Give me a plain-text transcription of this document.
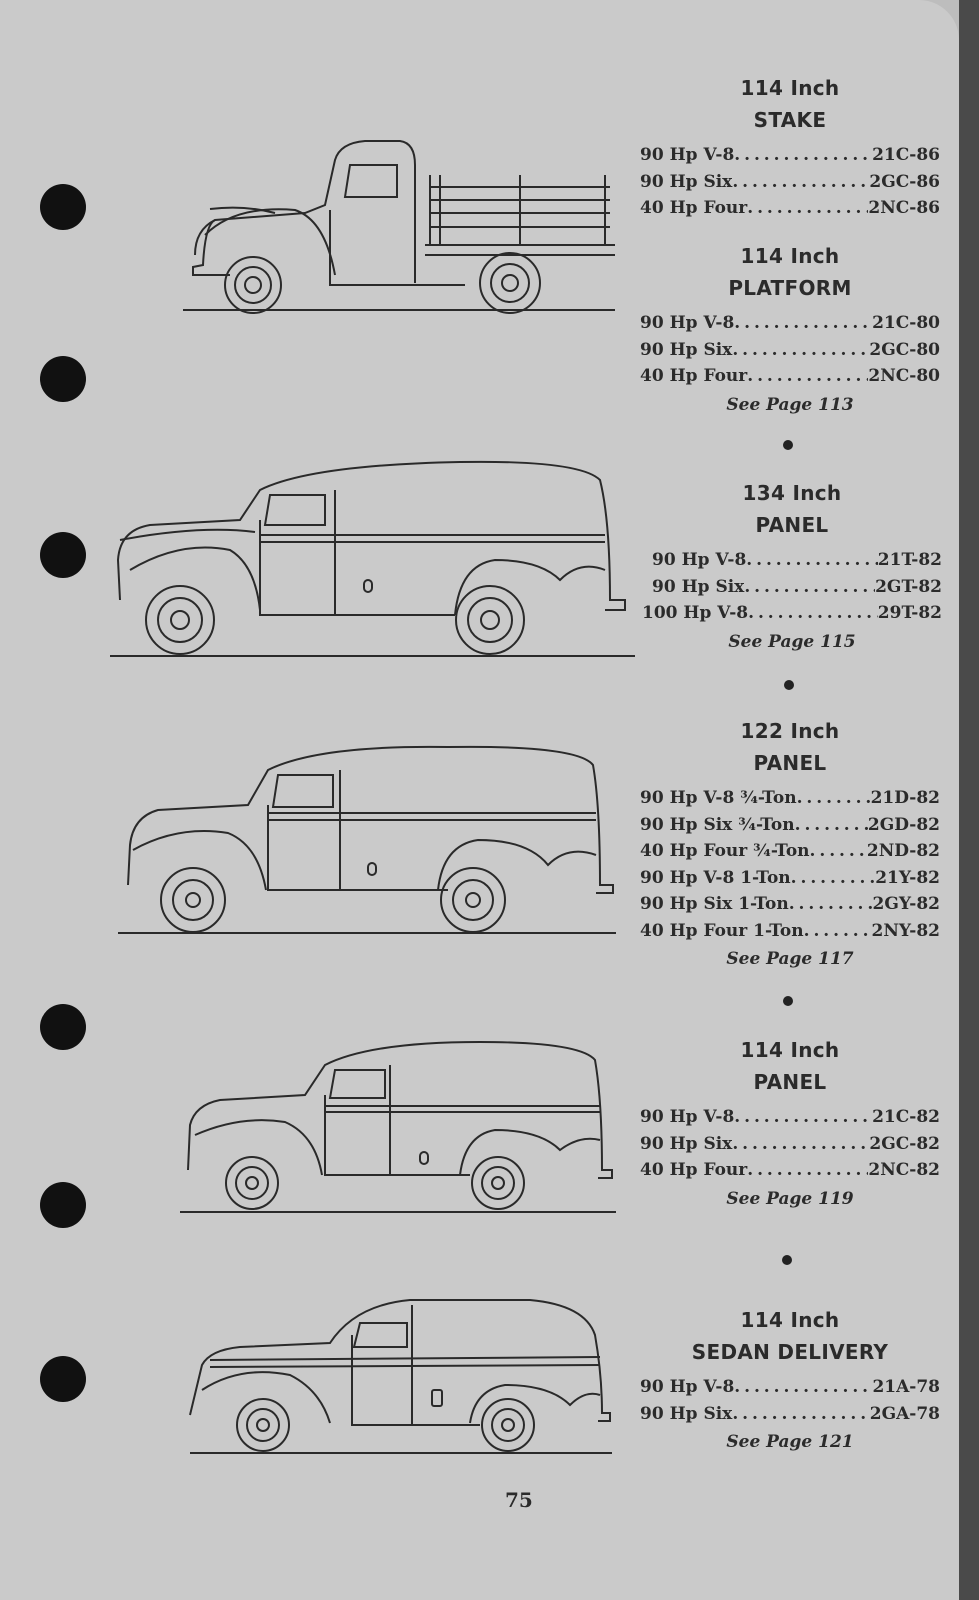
114 Inch
STAKE
90 Hp V-8 . . .	21C-86
90 Hp Six . . .	2GC-86
40 Hp Four . . .	2NC-86
114 Inch
PLATFORM
90 Hp V-8 . . .	21C-80
90 Hp Six . . .	2GC-80
40 Hp Four . . .	2NC-80
See Page 113
134 Inch
PANEL
90 Hp V-8 . . .	21T-82
90 Hp Six . . .	2GT-82
100 Hp V-8 . . .	29T-82
See Page 115
122 Inch
PANEL
90 Hp V-8 ¾-Ton . . .	21D-82
90 Hp Six ¾-Ton . . .	2GD-82
40 Hp Four ¾-Ton . . .	2ND-82
90 Hp V-8 1-Ton . . .	21Y-82
90 Hp Six 1-Ton . . .	2GY-82
40 Hp Four 1-Ton . . .	2NY-82
See Page 117
114 Inch
PANEL
90 Hp V-8 . . .	21C-82
90 Hp Six . . .	2GC-82
40 Hp Four . . .	2NC-82
See Page 119
114 Inch
SEDAN DELIVERY
90 Hp V-8 . . .	21A-78
90 Hp Six . . .	2GA-78
See Page 121
75
